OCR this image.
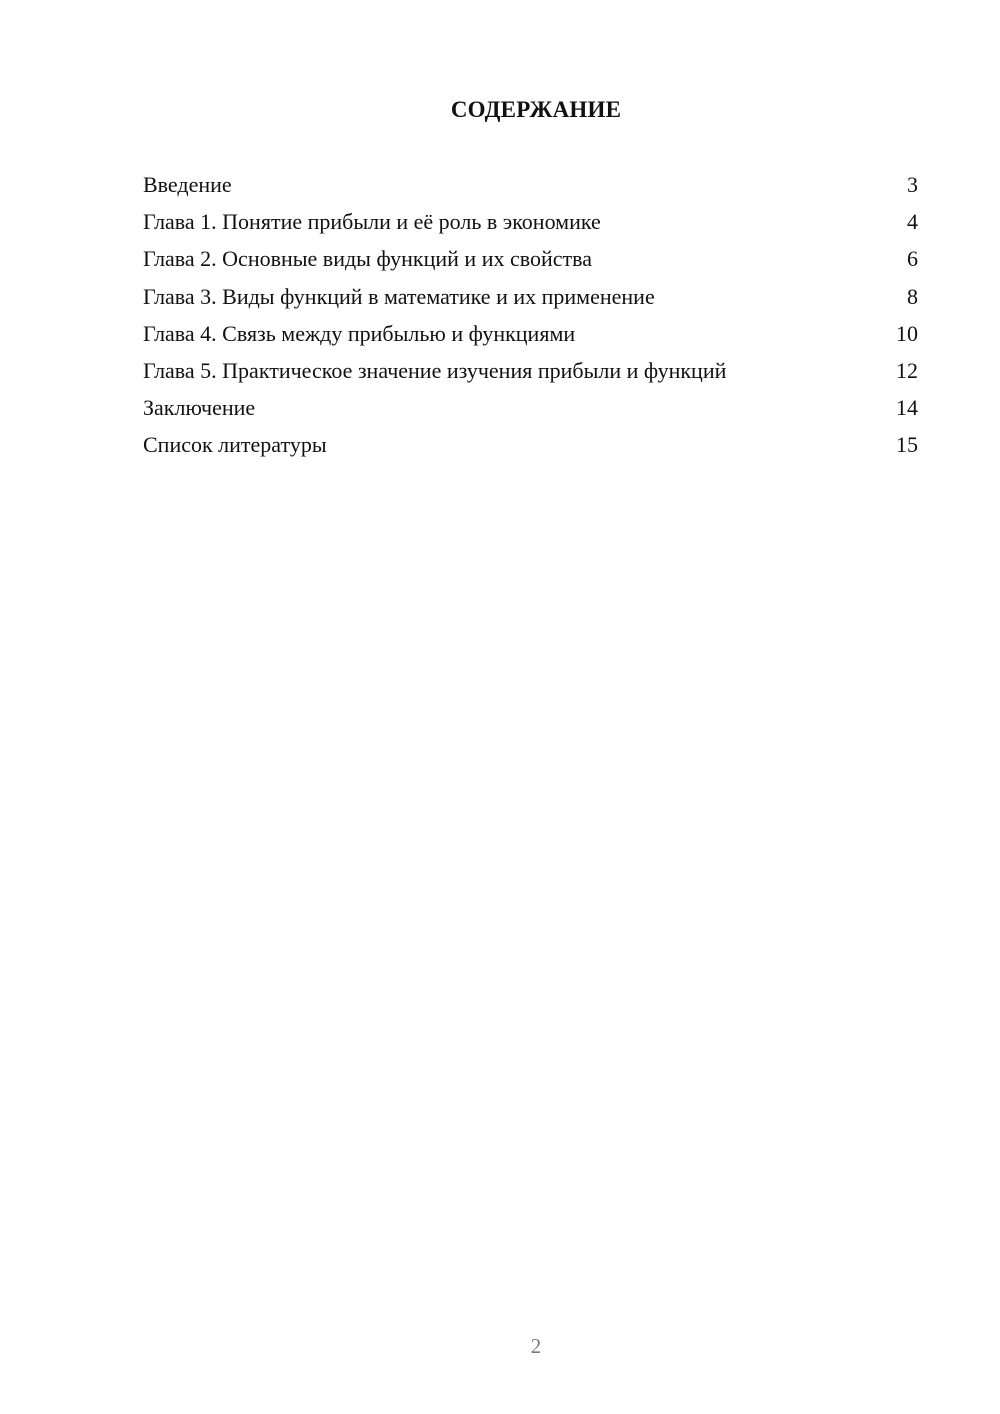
СОДЕРЖАНИЕ
Введение	3
Глава 1. Понятие прибыли и её роль в экономике	4
Глава 2. Основные виды функций и их свойства	6
Глава 3. Виды функций в математике и их применение	8
Глава 4. Связь между прибылью и функциями	10
Глава 5. Практическое значение изучения прибыли и функций	12
Заключение	14
Список литературы	15
2
